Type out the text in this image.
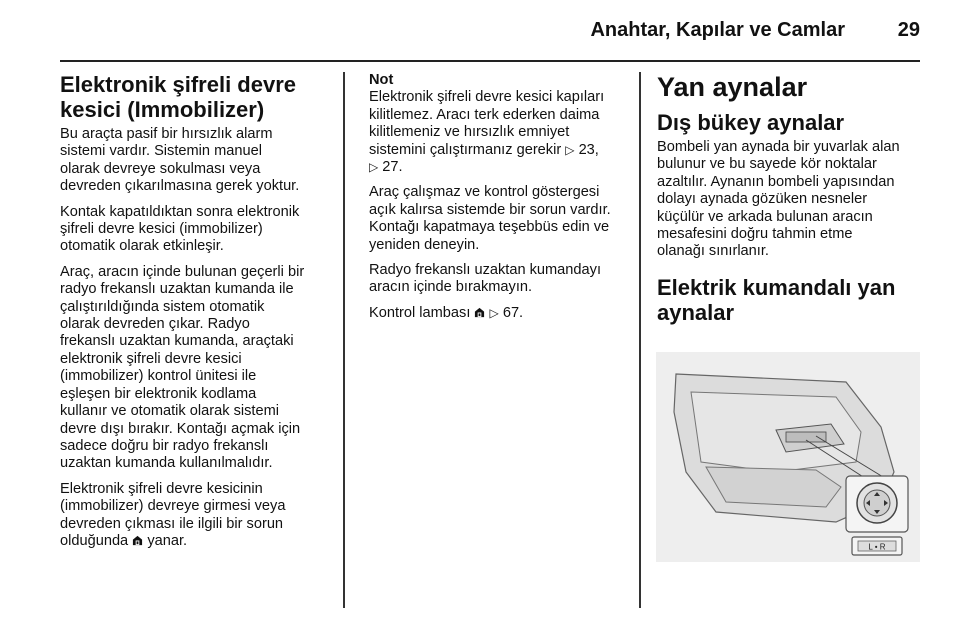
Anahtar, Kapılar ve Camlar	29
Elektronik şifreli devre
kesici (Immobilizer)

Bu araçta pasif bir hırsızlık alarm
sistemi vardır. Sistemin manuel
olarak devreye sokulması veya
devreden çıkarılmasına gerek yoktur.

Kontak kapatıldıktan sonra elektronik
şifreli devre kesici (immobilizer)
otomatik olarak etkinleşir.

Araç, aracın içinde bulunan geçerli bir
radyo frekanslı uzaktan kumanda ile
çalıştırıldığında sistem otomatik
olarak devreden çıkar. Radyo
frekanslı uzaktan kumanda, araçtaki
elektronik şifreli devre kesici
(immobilizer) kontrol ünitesi ile
eşleşen bir elektronik kodlama
kullanır ve otomatik olarak sistemi
devre dışı bırakır. Kontağı açmak için
sadece doğru bir radyo frekanslı
uzaktan kumanda kullanılmalıdır.

Elektronik şifreli devre kesicinin
(immobilizer) devreye girmesi veya
devreden çıkması ile ilgili bir sorun
olduğunda yanar.

Not
Elektronik şifreli devre kesici kapıları
kilitlemez. Aracı terk ederken daima
kilitlemeniz ve hırsızlık emniyet
sistemini çalıştırmanız gerekir ▷ 23,
▷ 27.

Araç çalışmaz ve kontrol göstergesi
açık kalırsa sistemde bir sorun vardır.
Kontağı kapatmaya teşebbüs edin ve
yeniden deneyin.

Radyo frekanslı uzaktan kumandayı
aracın içinde bırakmayın.

Kontrol lambası ▷ 67.

Yan aynalar
Dış bükey aynalar

Bombeli yan aynada bir yuvarlak alan
bulunur ve bu sayede kör noktalar
azaltılır. Aynanın bombeli yapısından
dolayı aynada gözüken nesneler
küçülür ve arkada bulunan aracın
mesafesini doğru tahmin etme
olanağı sınırlanır.

Elektrik kumandalı yan
aynalar
L • R
